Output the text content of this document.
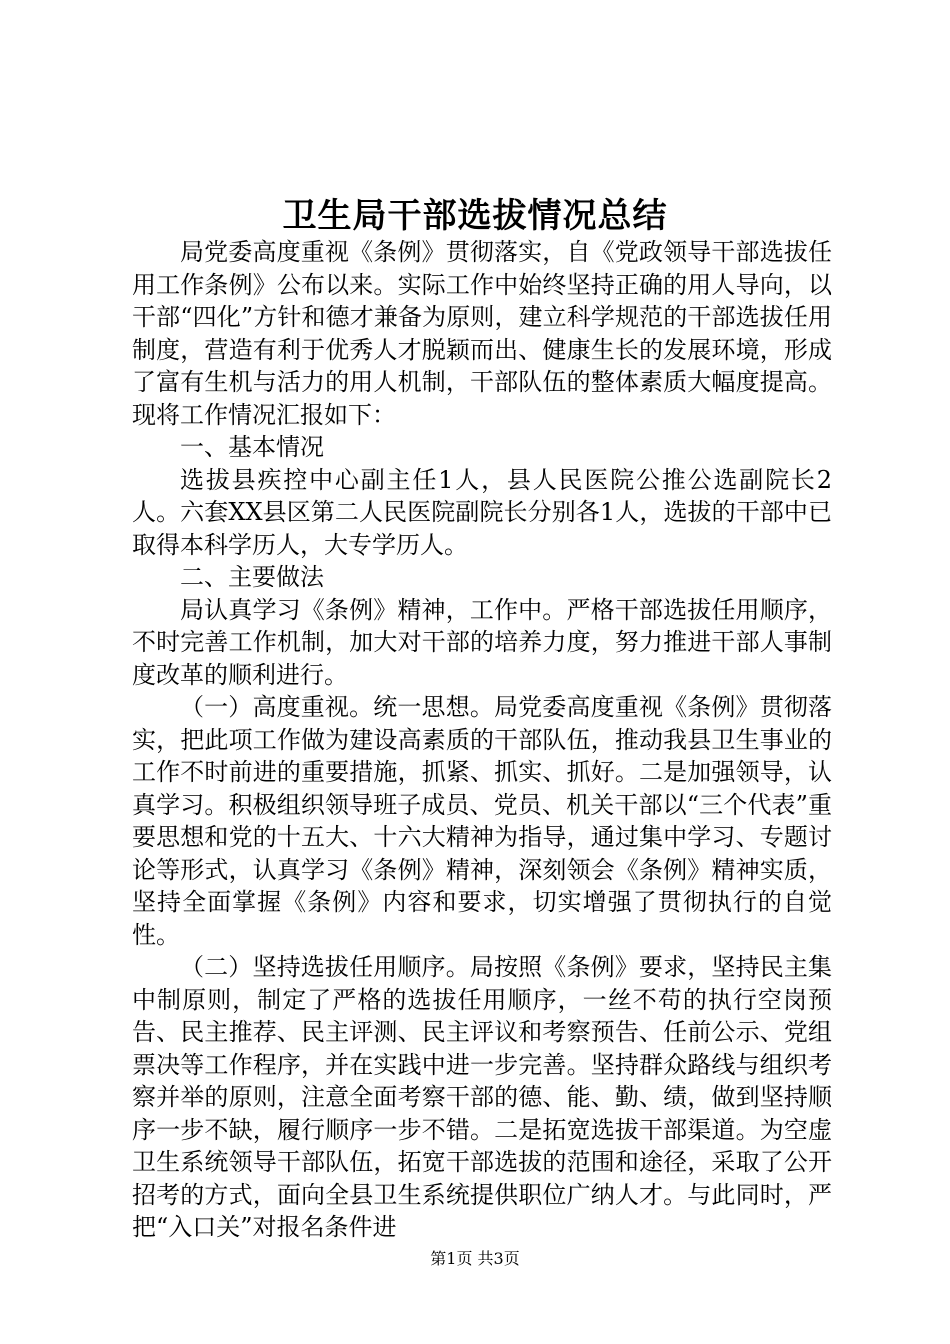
卫生局干部选拔情况总结

局党委高度重视《条例》贯彻落实，自《党政领导干部选拔任用工作条例》公布以来。实际工作中始终坚持正确的用人导向，以干部“四化”方针和德才兼备为原则，建立科学规范的干部选拔任用制度，营造有利于优秀人才脱颖而出、健康生长的发展环境，形成了富有生机与活力的用人机制，干部队伍的整体素质大幅度提高。现将工作情况汇报如下：

一、基本情况

选拔县疾控中心副主任1人，县人民医院公推公选副院长2人。六套XX县区第二人民医院副院长分别各1人，选拔的干部中已取得本科学历人，大专学历人。

二、主要做法

局认真学习《条例》精神，工作中。严格干部选拔任用顺序，不时完善工作机制，加大对干部的培养力度，努力推进干部人事制度改革的顺利进行。

（一）高度重视。统一思想。局党委高度重视《条例》贯彻落实，把此项工作做为建设高素质的干部队伍，推动我县卫生事业的工作不时前进的重要措施，抓紧、抓实、抓好。二是加强领导，认真学习。积极组织领导班子成员、党员、机关干部以“三个代表”重要思想和党的十五大、十六大精神为指导，通过集中学习、专题讨论等形式，认真学习《条例》精神，深刻领会《条例》精神实质，坚持全面掌握《条例》内容和要求，切实增强了贯彻执行的自觉性。

（二）坚持选拔任用顺序。局按照《条例》要求，坚持民主集中制原则，制定了严格的选拔任用顺序，一丝不苟的执行空岗预告、民主推荐、民主评测、民主评议和考察预告、任前公示、党组票决等工作程序，并在实践中进一步完善。坚持群众路线与组织考察并举的原则，注意全面考察干部的德、能、勤、绩，做到坚持顺序一步不缺，履行顺序一步不错。二是拓宽选拔干部渠道。为空虚卫生系统领导干部队伍，拓宽干部选拔的范围和途径，采取了公开招考的方式，面向全县卫生系统提供职位广纳人才。与此同时，严把“入口关”对报名条件进

第1页 共3页
